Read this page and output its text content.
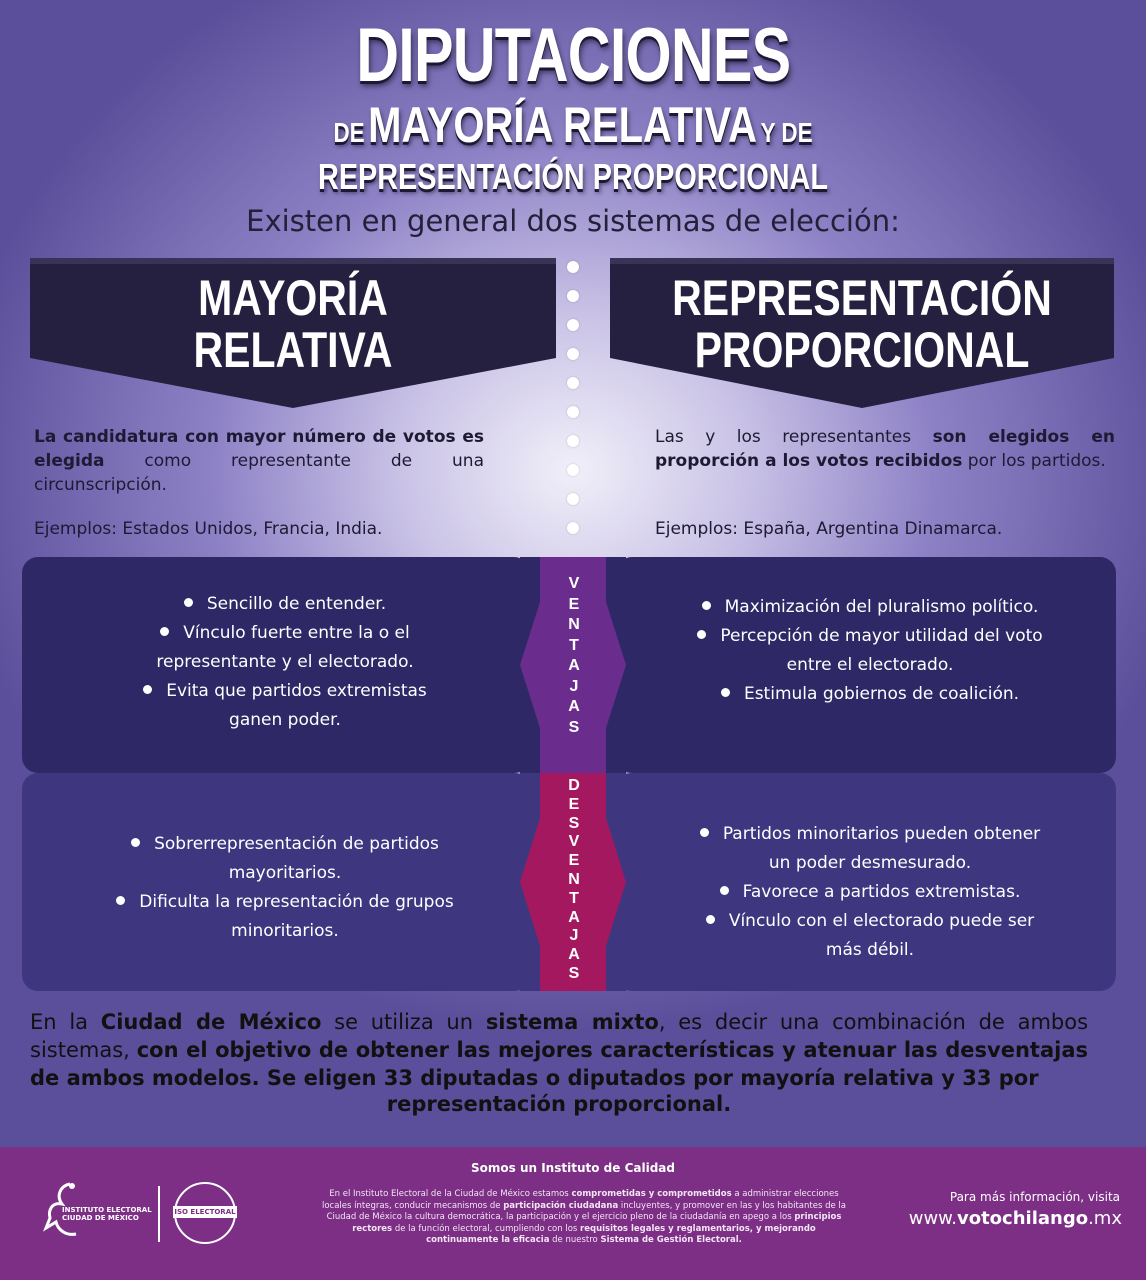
DIPUTACIONES
DE MAYORÍA RELATIVA Y DE
REPRESENTACIÓN PROPORCIONAL
Existen en general dos sistemas de elección:
MAYORÍA
RELATIVA
REPRESENTACIÓN
PROPORCIONAL
La candidatura con mayor número de votos es elegida como representante de una circunscripción.
Ejemplos: Estados Unidos, Francia, India.
Las y los representantes son elegidos en proporción a los votos recibidos por los partidos.
Ejemplos: España, Argentina Dinamarca.
V
E
N
T
A
J
A
S
D
E
S
V
E
N
T
A
J
A
S
Sencillo de entender.
Vínculo fuerte entre la o el
representante y el electorado.
Evita que partidos extremistas
ganen poder.
Maximización del pluralismo político.
Percepción de mayor utilidad del voto
entre el electorado.
Estimula gobiernos de coalición.
Sobrerrepresentación de partidos
mayoritarios.
Dificulta la representación de grupos
minoritarios.
Partidos minoritarios pueden obtener
un poder desmesurado.
Favorece a partidos extremistas.
Vínculo con el electorado puede ser
más débil.
En la Ciudad de México se utiliza un sistema mixto, es decir una combinación de ambos sistemas, con el objetivo de obtener las mejores características y atenuar las desventajas de ambos modelos. Se eligen 33 diputadas o diputados por mayoría relativa y 33 por
representación proporcional.
Somos un Instituto de Calidad
En el Instituto Electoral de la Ciudad de México estamos comprometidas y comprometidos a administrar elecciones locales íntegras, conducir mecanismos de participación ciudadana incluyentes, y promover en las y los habitantes de la Ciudad de México la cultura democrática, la participación y el ejercicio pleno de la ciudadanía en apego a los principios rectores de la función electoral, cumpliendo con los requisitos legales y reglamentarios, y mejorando continuamente la eficacia de nuestro Sistema de Gestión Electoral.
INSTITUTO ELECTORAL
CIUDAD DE MÉXICO
ISO ELECTORAL
Para más información, visita
www.votochilango.mx
